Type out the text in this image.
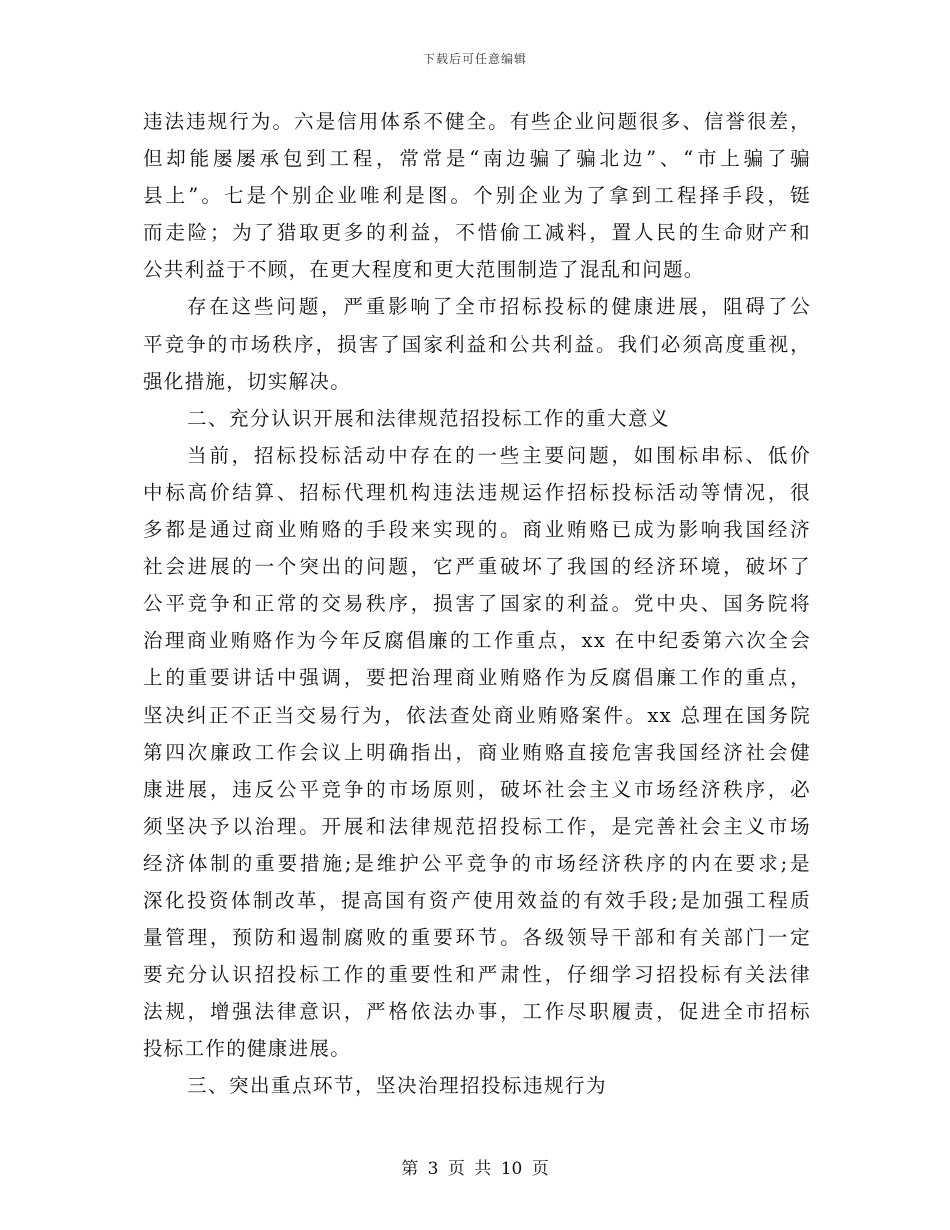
下载后可任意编辑
违法违规行为。六是信用体系不健全。有些企业问题很多、信誉很差，
但却能屡屡承包到工程，常常是“南边骗了骗北边”、“市上骗了骗
县上”。七是个别企业唯利是图。个别企业为了拿到工程择手段，铤
而走险；为了猎取更多的利益，不惜偷工减料，置人民的生命财产和
公共利益于不顾，在更大程度和更大范围制造了混乱和问题。
存在这些问题，严重影响了全市招标投标的健康进展，阻碍了公
平竞争的市场秩序，损害了国家利益和公共利益。我们必须高度重视，
强化措施，切实解决。
二、充分认识开展和法律规范招投标工作的重大意义
当前，招标投标活动中存在的一些主要问题，如围标串标、低价
中标高价结算、招标代理机构违法违规运作招标投标活动等情况，很
多都是通过商业贿赂的手段来实现的。商业贿赂已成为影响我国经济
社会进展的一个突出的问题，它严重破坏了我国的经济环境，破坏了
公平竞争和正常的交易秩序，损害了国家的利益。党中央、国务院将
治理商业贿赂作为今年反腐倡廉的工作重点，xx 在中纪委第六次全会
上的重要讲话中强调，要把治理商业贿赂作为反腐倡廉工作的重点，
坚决纠正不正当交易行为，依法查处商业贿赂案件。xx 总理在国务院
第四次廉政工作会议上明确指出，商业贿赂直接危害我国经济社会健
康进展，违反公平竞争的市场原则，破坏社会主义市场经济秩序，必
须坚决予以治理。开展和法律规范招投标工作，是完善社会主义市场
经济体制的重要措施;是维护公平竞争的市场经济秩序的内在要求;是
深化投资体制改革，提高国有资产使用效益的有效手段;是加强工程质
量管理，预防和遏制腐败的重要环节。各级领导干部和有关部门一定
要充分认识招投标工作的重要性和严肃性，仔细学习招投标有关法律
法规，增强法律意识，严格依法办事，工作尽职履责，促进全市招标
投标工作的健康进展。
三、突出重点环节，坚决治理招投标违规行为
第 3 页 共 10 页
